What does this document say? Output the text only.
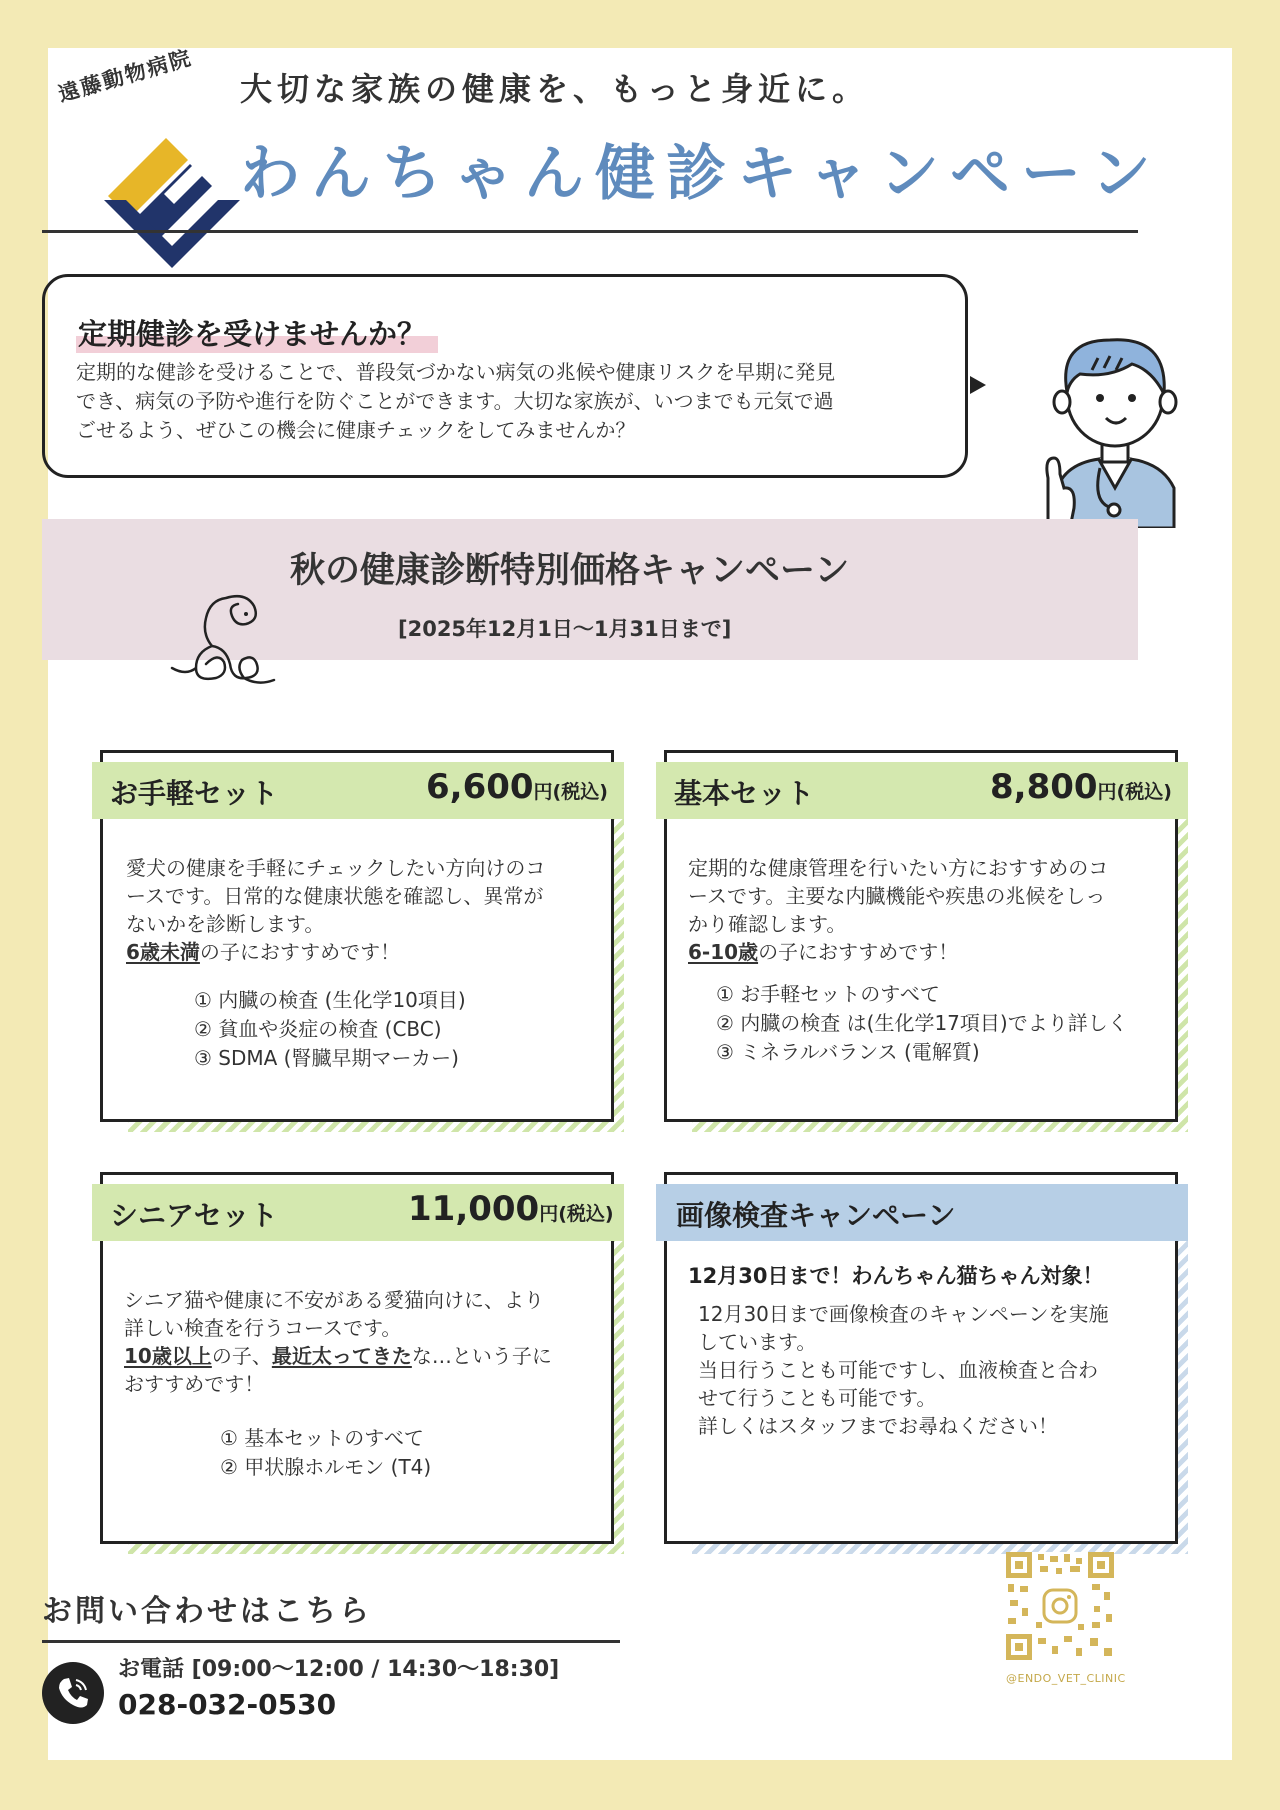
遠藤動物病院 大切な家族の健康を、もっと身近に。
わんちゃん健診キャンペーン
定期健診を受けませんか？
定期的な健診を受けることで、普段気づかない病気の兆候や健康リスクを早期に発見
でき、病気の予防や進行を防ぐことができます。大切な家族が、いつまでも元気で過
ごせるよう、ぜひこの機会に健康チェックをしてみませんか？
秋の健康診断特別価格キャンペーン
[2025年12月1日〜1月31日まで]
お手軽セット	6,600円(税込)
愛犬の健康を手軽にチェックしたい方向けのコ
ースです。日常的な健康状態を確認し、異常が
ないかを診断します。
6歳未満の子におすすめです！
① 内臓の検査 (生化学10項目)
② 貧血や炎症の検査 (CBC)
③ SDMA (腎臓早期マーカー)
基本セット	8,800円(税込)
定期的な健康管理を行いたい方におすすめのコ
ースです。主要な内臓機能や疾患の兆候をしっ
かり確認します。
6-10歳の子におすすめです！
① お手軽セットのすべて
② 内臓の検査 は(生化学17項目)でより詳しく
③ ミネラルバランス (電解質)
シニアセット	11,000円(税込)
シニア猫や健康に不安がある愛猫向けに、より
詳しい検査を行うコースです。
10歳以上の子、最近太ってきたな…という子に
おすすめです！
① 基本セットのすべて
② 甲状腺ホルモン (T4)
画像検査キャンペーン
12月30日まで！わんちゃん猫ちゃん対象！
12月30日まで画像検査のキャンペーンを実施
しています。
当日行うことも可能ですし、血液検査と合わ
せて行うことも可能です。
詳しくはスタッフまでお尋ねください！
お問い合わせはこちら
お電話 [09:00〜12:00 / 14:30〜18:30]
028-032-0530
@ENDO_VET_CLINIC
